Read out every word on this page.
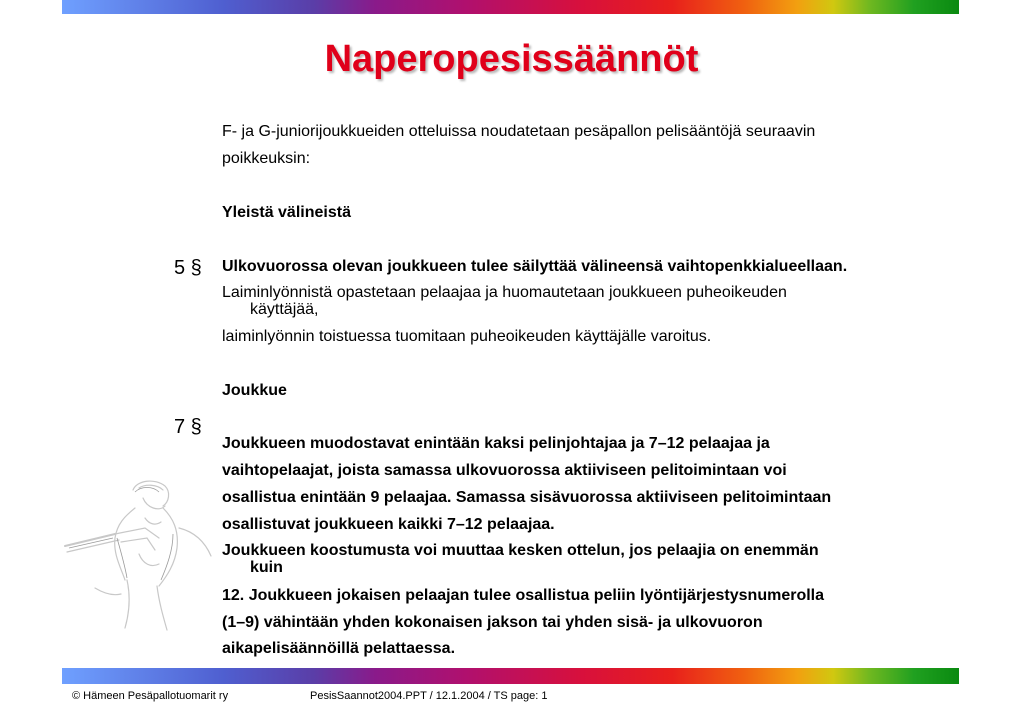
Naperopesissäännöt
F- ja G-juniorijoukkueiden otteluissa noudatetaan pesäpallon pelisääntöjä seuraavin
poikkeuksin:
Yleistä välineistä
5 § Ulkovuorossa olevan joukkueen tulee säilyttää välineensä vaihtopenkkialueellaan.
Laiminlyönnistä opastetaan pelaajaa ja huomautetaan joukkueen puheoikeuden
käyttäjää,
laiminlyönnin toistuessa tuomitaan puheoikeuden käyttäjälle varoitus.
Joukkue
7 §
Joukkueen muodostavat enintään kaksi pelinjohtajaa ja 7–12 pelaajaa ja
vaihtopelaajat, joista samassa ulkovuorossa aktiiviseen pelitoimintaan voi
osallistua enintään 9 pelaajaa. Samassa sisävuorossa aktiiviseen pelitoimintaan
osallistuvat joukkueen kaikki 7–12 pelaajaa.
Joukkueen koostumusta voi muuttaa kesken ottelun, jos pelaajia on enemmän
kuin
12. Joukkueen jokaisen pelaajan tulee osallistua peliin lyöntijärjestysnumerolla
(1–9) vähintään yhden kokonaisen jakson tai yhden sisä- ja ulkovuoron
aikapelisäännöillä pelattaessa.
© Hämeen Pesäpallotuomarit ry	PesisSaannot2004.PPT / 12.1.2004 / TS page: 1
